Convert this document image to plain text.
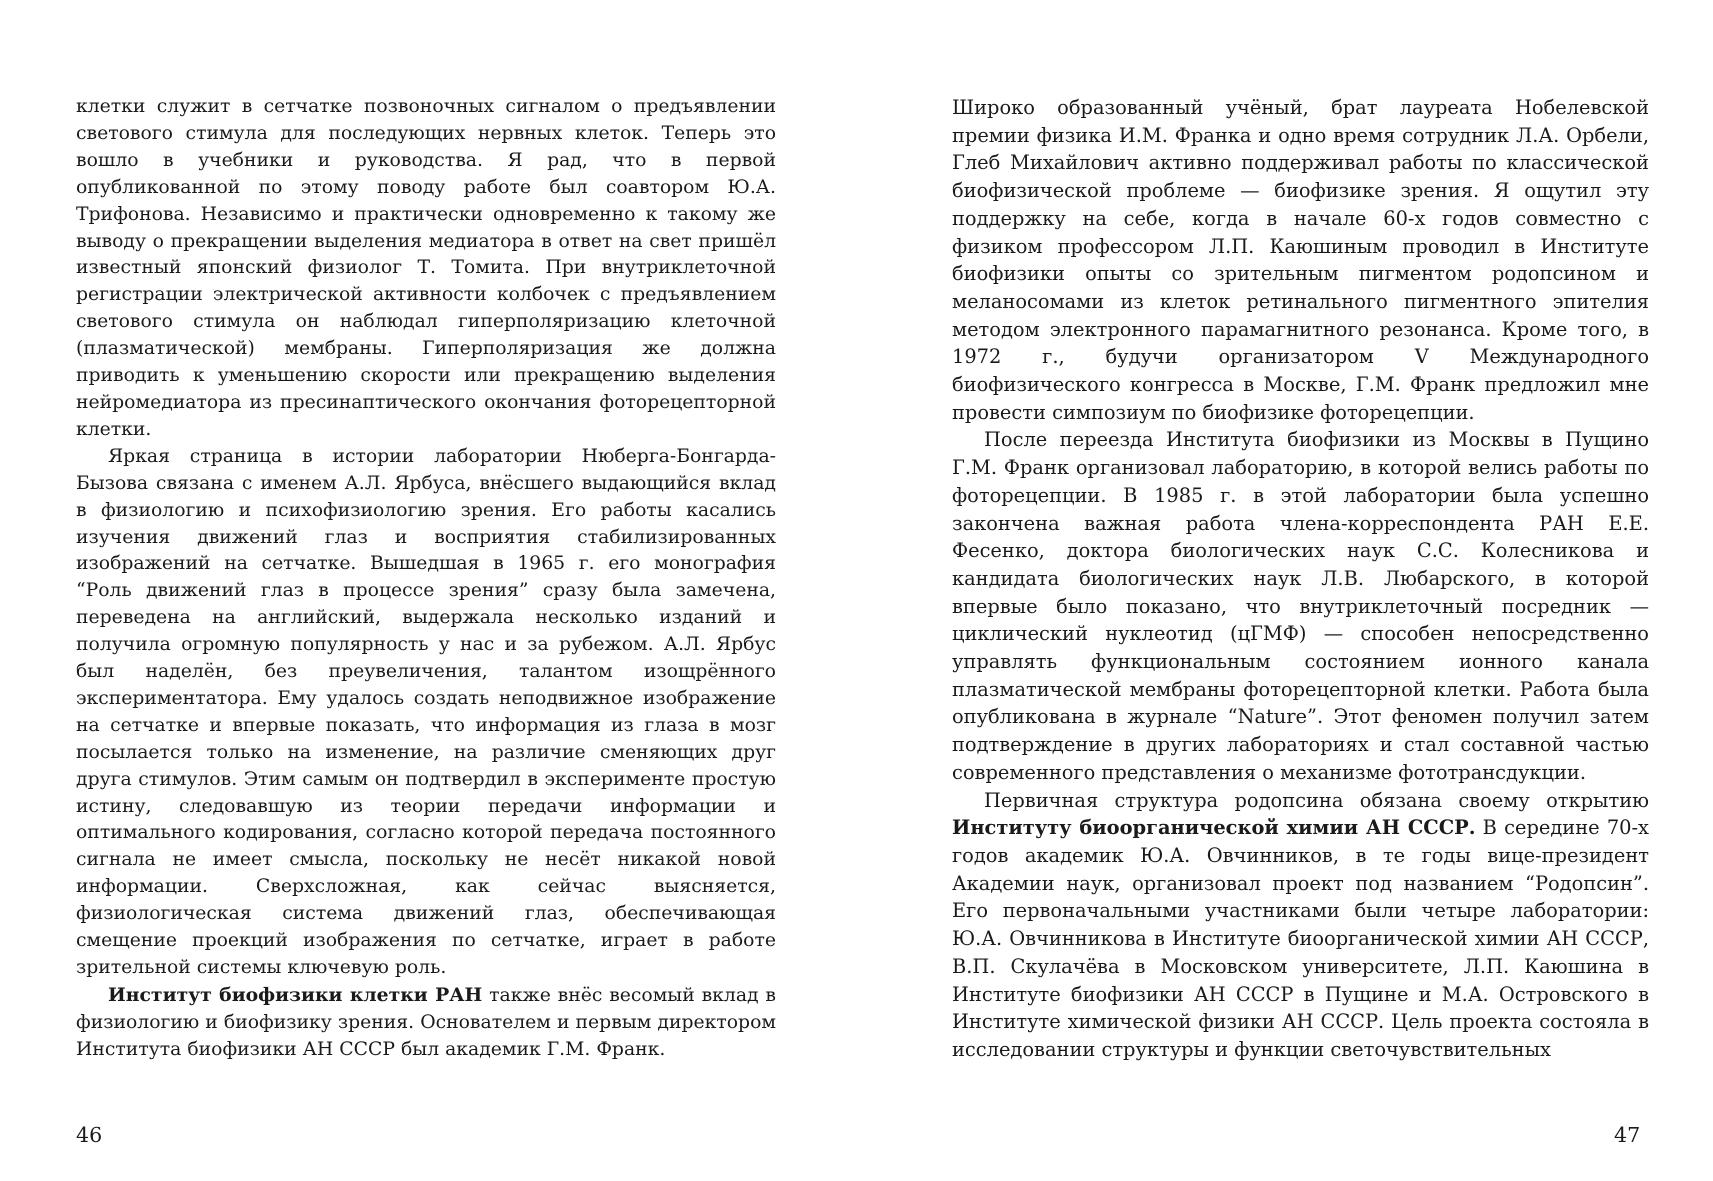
клетки служит в сетчатке позвоночных сигналом о предъявлении светового стимула для последующих нервных клеток. Теперь это вошло в учебники и руководства. Я рад, что в первой опубликованной по этому поводу работе был соавтором Ю.А. Трифонова. Независимо и практически одновременно к такому же выводу о прекращении выделения медиатора в ответ на свет пришёл известный японский физиолог Т. Томита. При внутриклеточной регистрации электрической активности колбочек с предъявлением светового стимула он наблюдал гиперполяризацию клеточной (плазматической) мембраны. Гиперполяризация же должна приводить к уменьшению скорости или прекращению выделения нейромедиатора из пресинаптического окончания фоторецепторной клетки.

Яркая страница в истории лаборатории Нюберга-Бонгарда-Бызова связана с именем А.Л. Ярбуса, внёсшего выдающийся вклад в физиологию и психофизиологию зрения. Его работы касались изучения движений глаз и восприятия стабилизированных изображений на сетчатке. Вышедшая в 1965 г. его монография “Роль движений глаз в процессе зрения” сразу была замечена, переведена на английский, выдержала несколько изданий и получила огромную популярность у нас и за рубежом. А.Л. Ярбус был наделён, без преувеличения, талантом изощрённого экспериментатора. Ему удалось создать неподвижное изображение на сетчатке и впервые показать, что информация из глаза в мозг посылается только на изменение, на различие сменяющих друг друга стимулов. Этим самым он подтвердил в эксперименте простую истину, следовавшую из теории передачи информации и оптимального кодирования, согласно которой передача постоянного сигнала не имеет смысла, поскольку не несёт никакой новой информации. Сверхсложная, как сейчас выясняется, физиологическая система движений глаз, обеспечивающая смещение проекций изображения по сетчатке, играет в работе зрительной системы ключевую роль.

Институт биофизики клетки РАН также внёс весомый вклад в физиологию и биофизику зрения. Основателем и первым директором Института биофизики АН СССР был академик Г.М. Франк.

46

Широко образованный учёный, брат лауреата Нобелевской премии физика И.М. Франка и одно время сотрудник Л.А. Орбели, Глеб Михайлович активно поддерживал работы по классической биофизической проблеме — биофизике зрения. Я ощутил эту поддержку на себе, когда в начале 60-х годов совместно с физиком профессором Л.П. Каюшиным проводил в Институте биофизики опыты со зрительным пигментом родопсином и меланосомами из клеток ретинального пигментного эпителия методом электронного парамагнитного резонанса. Кроме того, в 1972 г., будучи организатором V Международного биофизического конгресса в Москве, Г.М. Франк предложил мне провести симпозиум по биофизике фоторецепции.

После переезда Института биофизики из Москвы в Пущино Г.М. Франк организовал лабораторию, в которой велись работы по фоторецепции. В 1985 г. в этой лаборатории была успешно закончена важная работа члена-корреспондента РАН Е.Е. Фесенко, доктора биологических наук С.С. Колесникова и кандидата биологических наук Л.В. Любарского, в которой впервые было показано, что внутриклеточный посредник — циклический нуклеотид (цГМФ) — способен непосредственно управлять функциональным состоянием ионного канала плазматической мембраны фоторецепторной клетки. Работа была опубликована в журнале “Nature”. Этот феномен получил затем подтверждение в других лабораториях и стал составной частью современного представления о механизме фототрансдукции.

Первичная структура родопсина обязана своему открытию Институту биоорганической химии АН СССР. В середине 70-х годов академик Ю.А. Овчинников, в те годы вице-президент Академии наук, организовал проект под названием “Родопсин”. Его первоначальными участниками были четыре лаборатории: Ю.А. Овчинникова в Институте биоорганической химии АН СССР, В.П. Скулачёва в Московском университете, Л.П. Каюшина в Институте биофизики АН СССР в Пущине и М.А. Островского в Институте химической физики АН СССР. Цель проекта состояла в исследовании структуры и функции светочувствительных

47
